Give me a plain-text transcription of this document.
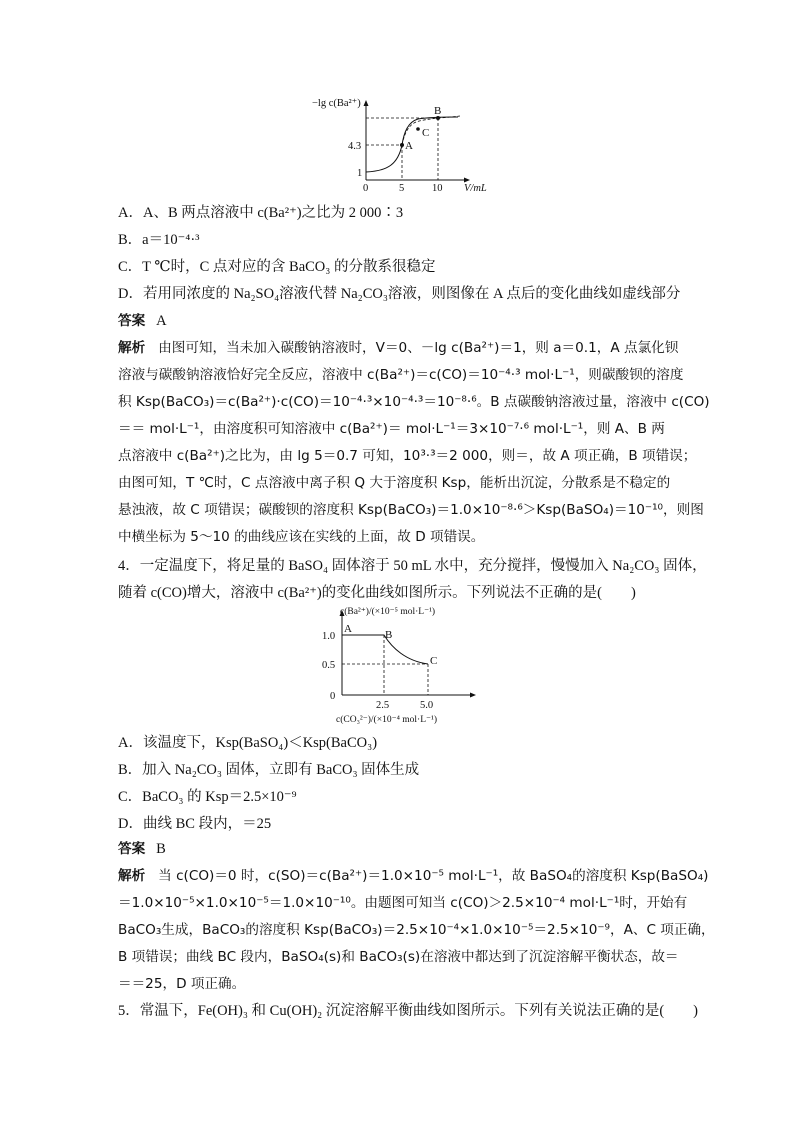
A
B
C
−lg c(Ba²⁺)
4.3
1
0	5	10 V/mL
A．A、B 两点溶液中 c(Ba²⁺)之比为 2 000∶3
B．a＝10⁻⁴·³
C．T ℃时，C 点对应的含 BaCO₃ 的分散系很稳定
D．若用同浓度的 Na₂SO₄溶液代替 Na₂CO₃溶液，则图像在 A 点后的变化曲线如虚线部分
答案 A
解析 由图可知，当未加入碳酸钠溶液时，V＝0、－lg c(Ba²⁺)＝1，则 a＝0.1，A 点氯化钡
溶液与碳酸钠溶液恰好完全反应，溶液中 c(Ba²⁺)＝c(CO)＝10⁻⁴·³ mol·L⁻¹，则碳酸钡的溶度
积 Ksp(BaCO₃)＝c(Ba²⁺)·c(CO)＝10⁻⁴·³×10⁻⁴·³＝10⁻⁸·⁶。B 点碳酸钠溶液过量，溶液中 c(CO)
＝＝ mol·L⁻¹，由溶度积可知溶液中 c(Ba²⁺)＝ mol·L⁻¹＝3×10⁻⁷·⁶ mol·L⁻¹，则 A、B 两
点溶液中 c(Ba²⁺)之比为，由 lg 5＝0.7 可知，10³·³＝2 000，则＝，故 A 项正确，B 项错误；
由图可知，T ℃时，C 点溶液中离子积 Q 大于溶度积 Ksp，能析出沉淀，分散系是不稳定的
悬浊液，故 C 项错误；碳酸钡的溶度积 Ksp(BaCO₃)＝1.0×10⁻⁸·⁶＞Ksp(BaSO₄)＝10⁻¹⁰，则图
中横坐标为 5～10 的曲线应该在实线的上面，故 D 项错误。
4．一定温度下，将足量的 BaSO₄ 固体溶于 50 mL 水中，充分搅拌，慢慢加入 Na₂CO₃ 固体，
随着 c(CO)增大，溶液中 c(Ba²⁺)的变化曲线如图所示。下列说法不正确的是(　　)
A	B
C
c(Ba²⁺)/(×10⁻⁵ mol·L⁻¹)
1.0
0.5
0
2.5	5.0
c(CO₃²⁻)/(×10⁻⁴ mol·L⁻¹)
A．该温度下，Ksp(BaSO₄)＜Ksp(BaCO₃)
B．加入 Na₂CO₃ 固体，立即有 BaCO₃ 固体生成
C．BaCO₃ 的 Ksp＝2.5×10⁻⁹
D．曲线 BC 段内，＝25
答案 B
解析 当 c(CO)＝0 时，c(SO)＝c(Ba²⁺)＝1.0×10⁻⁵ mol·L⁻¹，故 BaSO₄的溶度积 Ksp(BaSO₄)
＝1.0×10⁻⁵×1.0×10⁻⁵＝1.0×10⁻¹⁰。由题图可知当 c(CO)＞2.5×10⁻⁴ mol·L⁻¹时，开始有
BaCO₃生成，BaCO₃的溶度积 Ksp(BaCO₃)＝2.5×10⁻⁴×1.0×10⁻⁵＝2.5×10⁻⁹，A、C 项正确，
B 项错误；曲线 BC 段内，BaSO₄(s)和 BaCO₃(s)在溶液中都达到了沉淀溶解平衡状态，故＝
＝＝25，D 项正确。
5．常温下，Fe(OH)₃ 和 Cu(OH)₂ 沉淀溶解平衡曲线如图所示。下列有关说法正确的是(　　)
